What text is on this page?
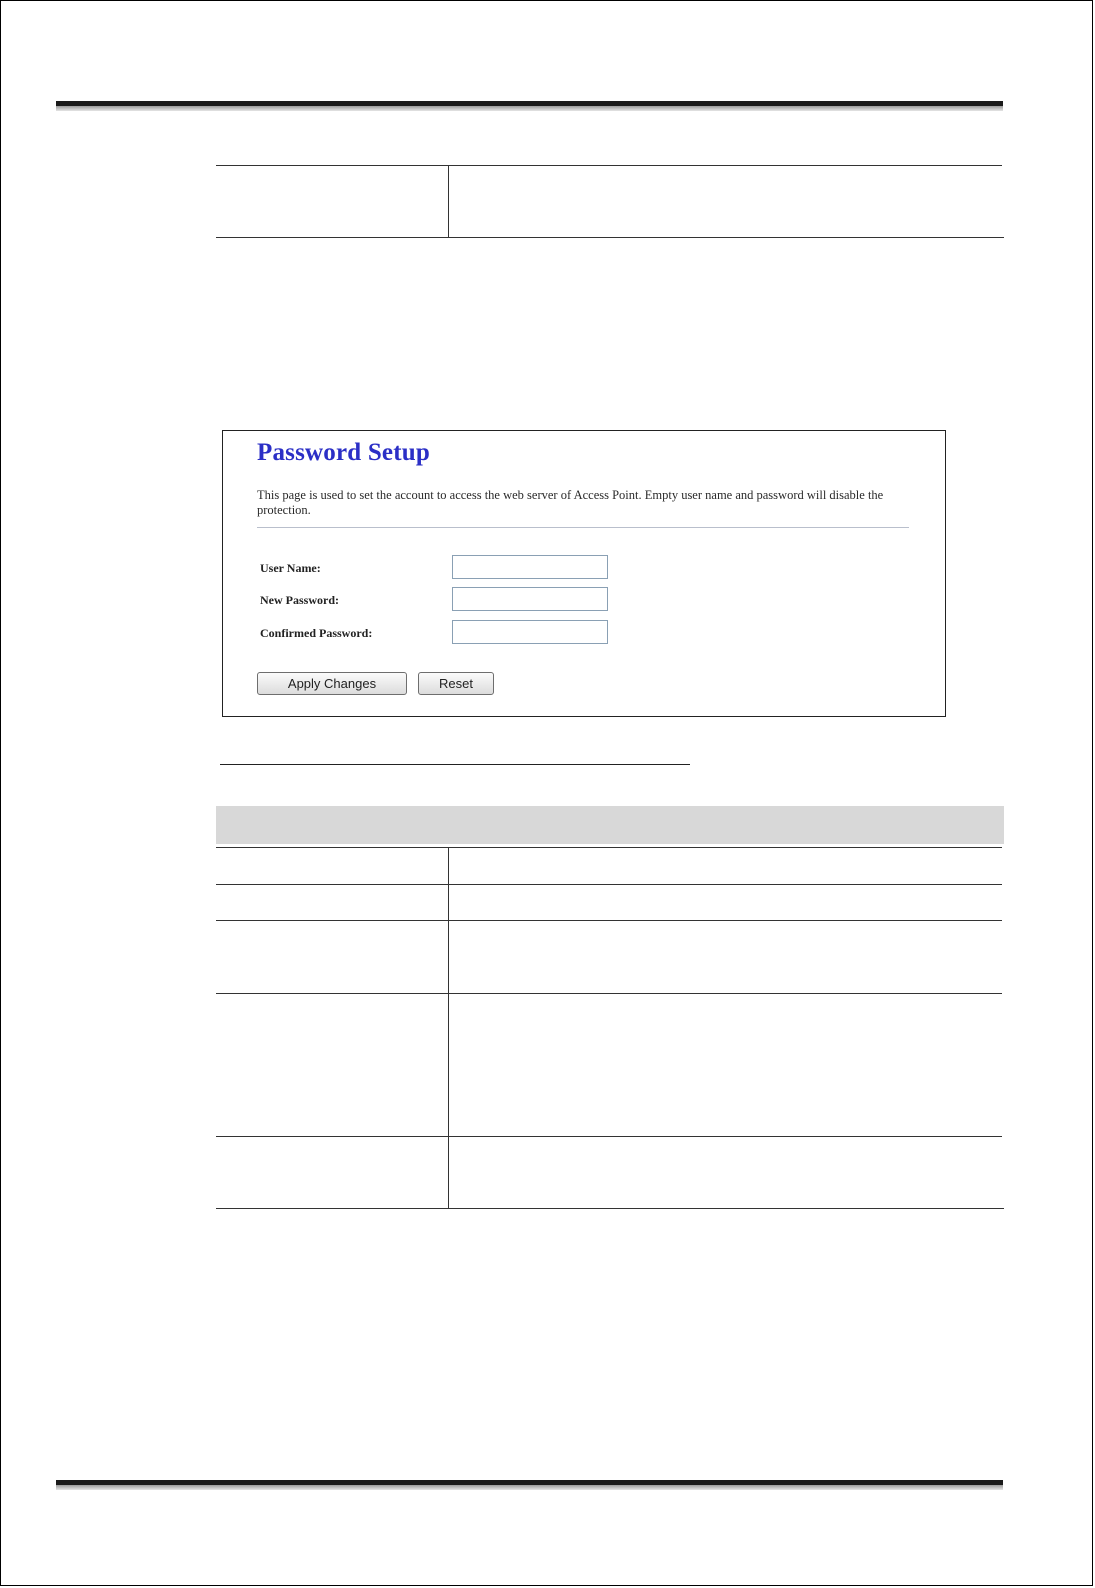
Password Setup

This page is used to set the account to access the web server of Access Point. Empty user name and password will disable the protection.

User Name:
New Password:
Confirmed Password:
Apply Changes	Reset
